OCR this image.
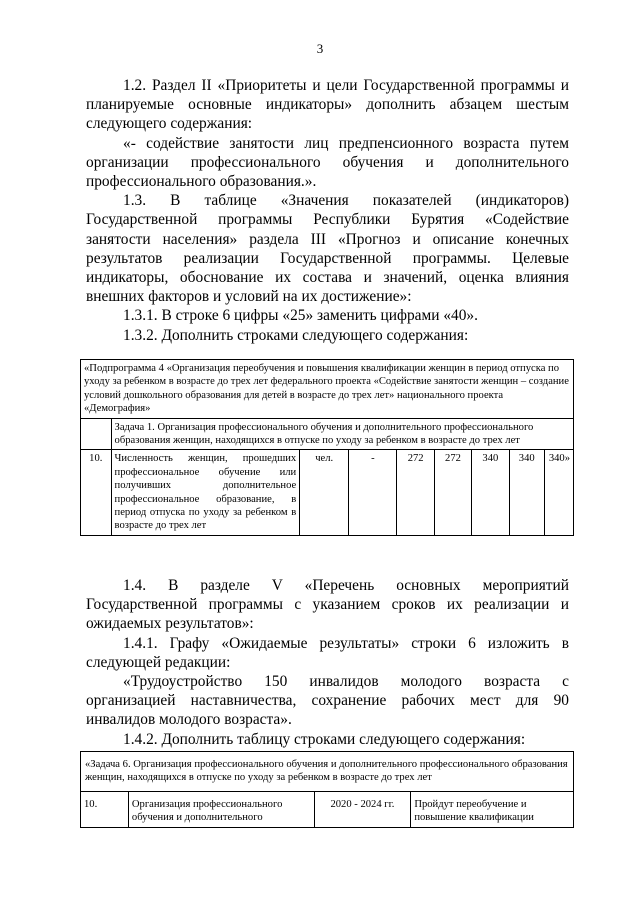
3

1.2. Раздел II «Приоритеты и цели Государственной программы и планируемые основные индикаторы» дополнить абзацем шестым следующего содержания:

«- содействие занятости лиц предпенсионного возраста путем организации профессионального обучения и дополнительного профессионального образования.».

1.3. В таблице «Значения показателей (индикаторов) Государственной программы Республики Бурятия «Содействие занятости населения» раздела III «Прогноз и описание конечных результатов реализации Государственной программы. Целевые индикаторы, обоснование их состава и значений, оценка влияния внешних факторов и условий на их достижение»:

1.3.1. В строке 6 цифры «25» заменить цифрами «40».

1.3.2. Дополнить строками следующего содержания:

«Подпрограмма 4 «Организация переобучения и повышения квалификации женщин в период отпуска по уходу за ребенком в возрасте до трех лет федерального проекта «Содействие занятости женщин – создание условий дошкольного образования для детей в возрасте до трех лет» национального проекта «Демография»								
	Задача 1. Организация профессионального обучения и дополнительного профессионального образования женщин, находящихся в отпуске по уходу за ребенком в возрасте до трех лет							
10.	Численность женщин, прошедших профессиональное обучение или получивших дополнительное профессиональное образование, в период отпуска по уходу за ребенком в возрасте до трех лет	чел.	-	272	272	340	340	340»

1.4. В разделе V «Перечень основных мероприятий Государственной программы с указанием сроков их реализации и ожидаемых результатов»:

1.4.1. Графу «Ожидаемые результаты» строки 6 изложить в следующей редакции:

«Трудоустройство 150 инвалидов молодого возраста с организацией наставничества, сохранение рабочих мест для 90 инвалидов молодого возраста».

1.4.2. Дополнить таблицу строками следующего содержания:

«Задача 6. Организация профессионального обучения и дополнительного профессионального образования женщин, находящихся в отпуске по уходу за ребенком в возрасте до трех лет
10.	Организация профессионального обучения и дополнительного	2020 - 2024 гг.	Пройдут переобучение и повышение квалификации
